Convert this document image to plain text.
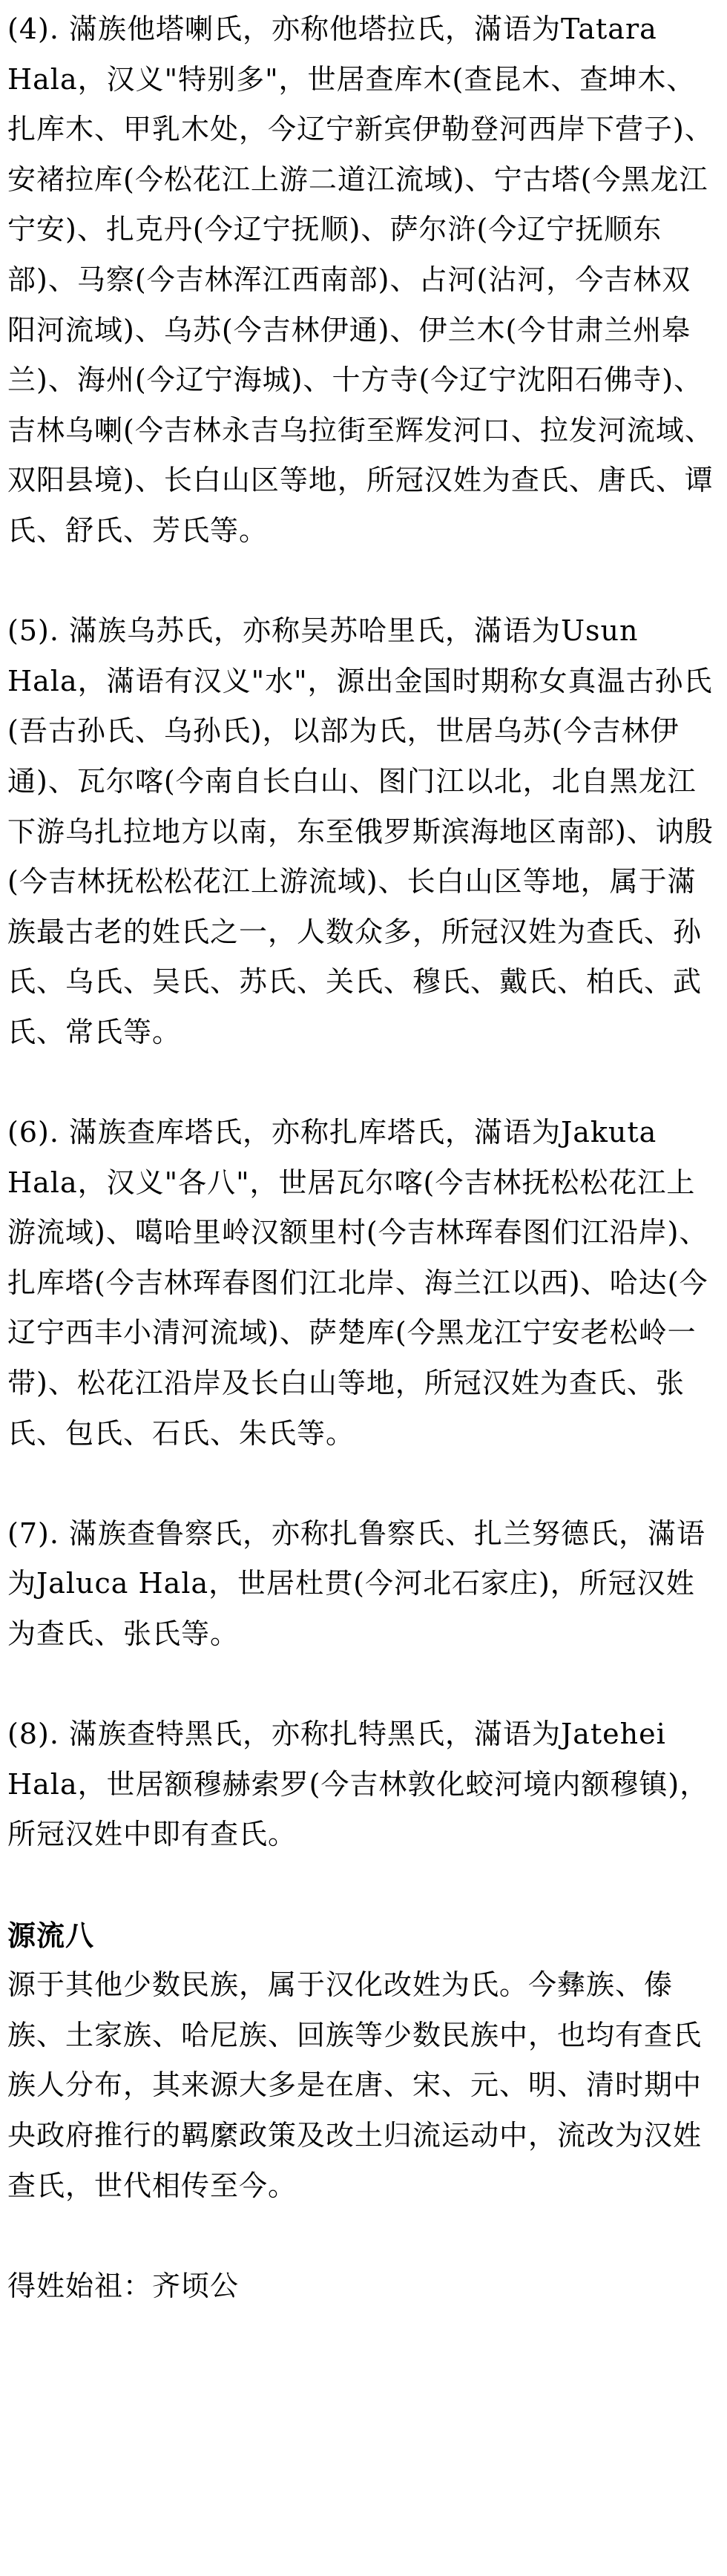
(4). 滿族他塔喇氏，亦称他塔拉氏，滿语为Tatara Hala，汉义"特别多"，世居查库木(查昆木、查坤木、扎库木、甲乳木处，今辽宁新宾伊勒登河西岸下营子)、安褚拉库(今松花江上游二道江流域)、宁古塔(今黑龙江宁安)、扎克丹(今辽宁抚顺)、萨尔浒(今辽宁抚顺东部)、马察(今吉林浑江西南部)、占河(沾河，今吉林双阳河流域)、乌苏(今吉林伊通)、伊兰木(今甘肃兰州皋兰)、海州(今辽宁海城)、十方寺(今辽宁沈阳石佛寺)、吉林乌喇(今吉林永吉乌拉街至辉发河口、拉发河流域、双阳县境)、长白山区等地，所冠汉姓为查氏、唐氏、谭氏、舒氏、芳氏等。

(5). 滿族乌苏氏，亦称吴苏哈里氏，滿语为Usun Hala，滿语有汉义"水"，源出金国时期称女真温古孙氏(吾古孙氏、乌孙氏)，以部为氏，世居乌苏(今吉林伊通)、瓦尔喀(今南自长白山、图门江以北，北自黑龙江下游乌扎拉地方以南，东至俄罗斯滨海地区南部)、讷殷(今吉林抚松松花江上游流域)、长白山区等地，属于滿族最古老的姓氏之一，人数众多，所冠汉姓为查氏、孙氏、乌氏、吴氏、苏氏、关氏、穆氏、戴氏、柏氏、武氏、常氏等。

(6). 滿族查库塔氏，亦称扎库塔氏，滿语为Jakuta Hala，汉义"各八"，世居瓦尔喀(今吉林抚松松花江上游流域)、噶哈里岭汉额里村(今吉林珲春图们江沿岸)、扎库塔(今吉林珲春图们江北岸、海兰江以西)、哈达(今辽宁西丰小清河流域)、萨楚库(今黑龙江宁安老松岭一带)、松花江沿岸及长白山等地，所冠汉姓为查氏、张氏、包氏、石氏、朱氏等。

(7). 滿族查鲁察氏，亦称扎鲁察氏、扎兰努德氏，滿语为Jaluca Hala，世居杜贯(今河北石家庄)，所冠汉姓为查氏、张氏等。

(8). 滿族查特黑氏，亦称扎特黑氏，滿语为Jatehei Hala，世居额穆赫索罗(今吉林敦化蛟河境内额穆镇)，所冠汉姓中即有查氏。

源流八

源于其他少数民族，属于汉化改姓为氏。今彝族、傣族、土家族、哈尼族、回族等少数民族中，也均有查氏族人分布，其来源大多是在唐、宋、元、明、清时期中央政府推行的羁縻政策及改土归流运动中，流改为汉姓查氏，世代相传至今。

得姓始祖：齐顷公
